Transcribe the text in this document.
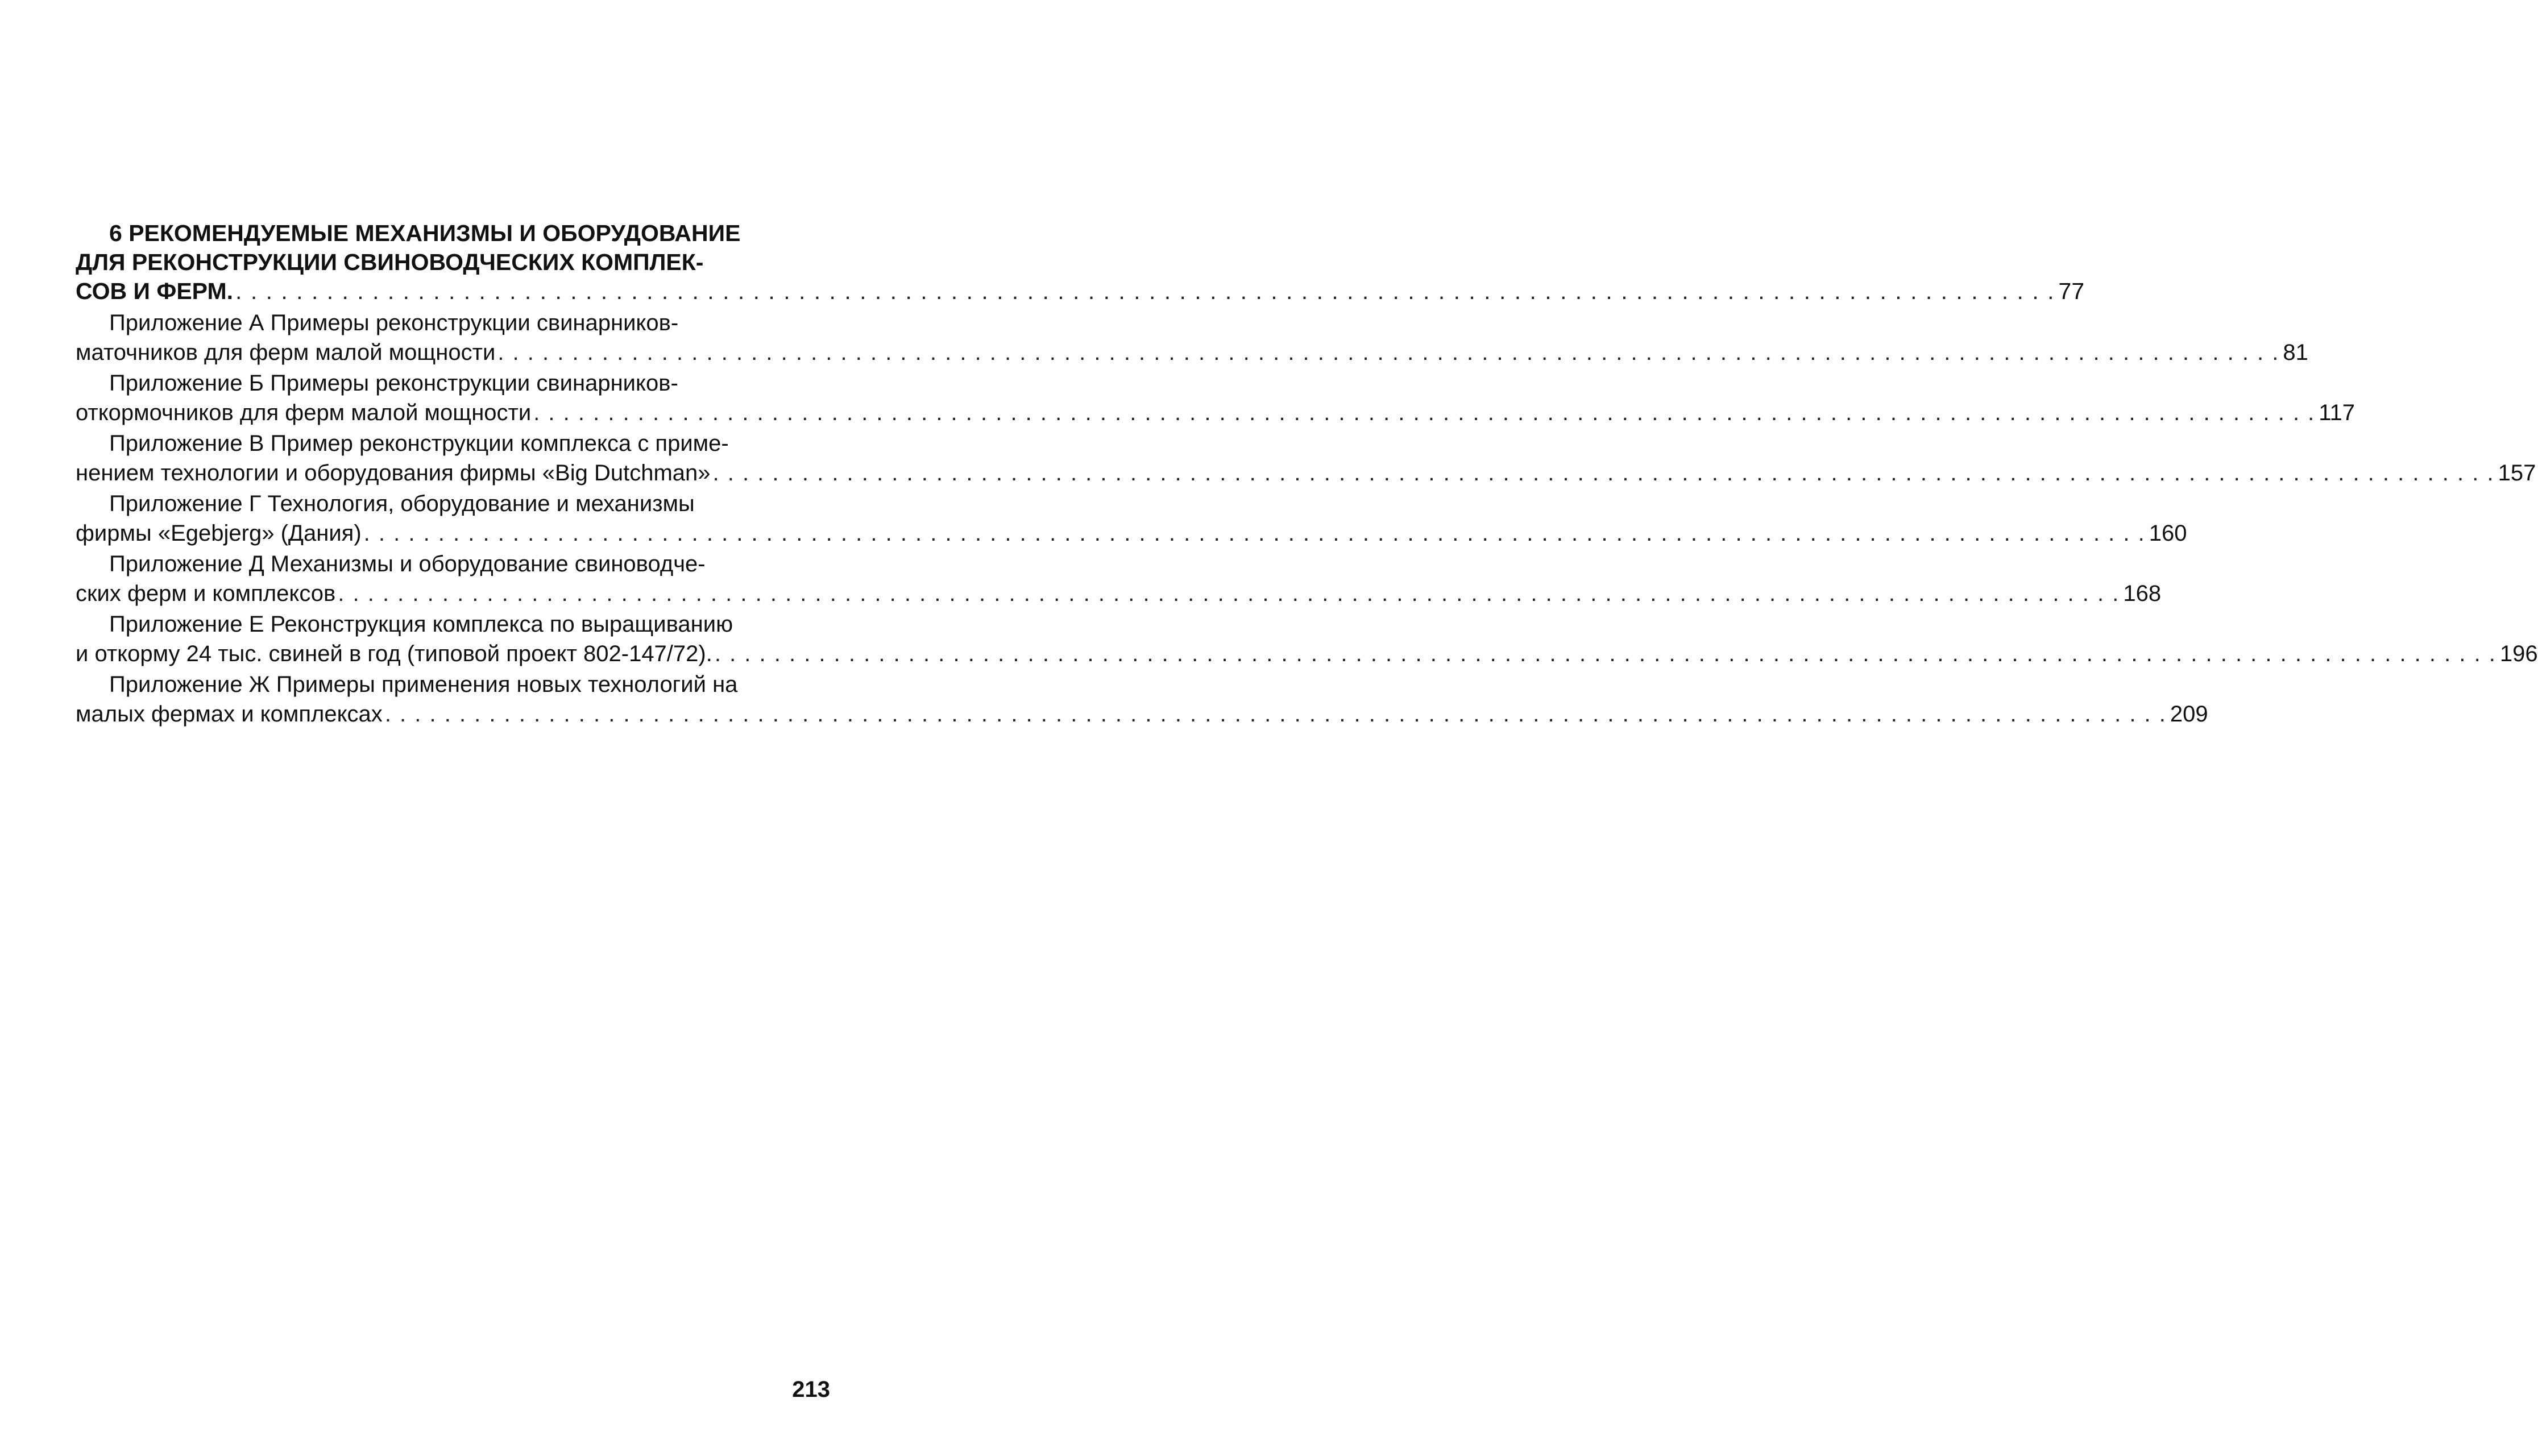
6 РЕКОМЕНДУЕМЫЕ МЕХАНИЗМЫ И ОБОРУДОВАНИЕ
ДЛЯ РЕКОНСТРУКЦИИ СВИНОВОДЧЕСКИХ КОМПЛЕК-
СОВ И ФЕРМ. . . . . . . . . . . . . . . . . . . . . . . . . . . . . . . . . . . . . . . . . . . . . . . . . . . . . . . . . . . . . . . . . . . . . . . . . . . . . . . . . . . . . . . . . . . . . . . . . . . . . . . . . . . . . . . . . . . . . . . . . 77
Приложение А Примеры реконструкции свинарников-
маточников для ферм малой мощности . . . . . . . . . . . . . . . . . . . . . . . . . . . . . . . . . . . . . . . . . . . . . . . . . . . . . . . . . . . . . . . . . . . . . . . . . . . . . . . . . . . . . . . . . . . . . . . . . . . . . . . . . . . . . . . . . . . . . . . . 81
Приложение Б Примеры реконструкции свинарников-
откормочников для ферм малой мощности . . . . . . . . . . . . . . . . . . . . . . . . . . . . . . . . . . . . . . . . . . . . . . . . . . . . . . . . . . . . . . . . . . . . . . . . . . . . . . . . . . . . . . . . . . . . . . . . . . . . . . . . . . . . . . . . . . . . . . . . 117
Приложение В Пример реконструкции комплекса с приме-
нением технологии и оборудования фирмы «Big Dutchman» . . . . . . . . . . . . . . . . . . . . . . . . . . . . . . . . . . . . . . . . . . . . . . . . . . . . . . . . . . . . . . . . . . . . . . . . . . . . . . . . . . . . . . . . . . . . . . . . . . . . . . . . . . . . . . . . . . . . . . . . 157
Приложение Г Технология, оборудование и механизмы
фирмы «Egebjerg» (Дания) . . . . . . . . . . . . . . . . . . . . . . . . . . . . . . . . . . . . . . . . . . . . . . . . . . . . . . . . . . . . . . . . . . . . . . . . . . . . . . . . . . . . . . . . . . . . . . . . . . . . . . . . . . . . . . . . . . . . . . . . 160
Приложение Д Механизмы и оборудование свиноводче-
ских ферм и комплексов . . . . . . . . . . . . . . . . . . . . . . . . . . . . . . . . . . . . . . . . . . . . . . . . . . . . . . . . . . . . . . . . . . . . . . . . . . . . . . . . . . . . . . . . . . . . . . . . . . . . . . . . . . . . . . . . . . . . . . . . 168
Приложение Е Реконструкция комплекса по выращиванию
и откорму 24 тыс. свиней в год (типовой проект 802-147/72). . . . . . . . . . . . . . . . . . . . . . . . . . . . . . . . . . . . . . . . . . . . . . . . . . . . . . . . . . . . . . . . . . . . . . . . . . . . . . . . . . . . . . . . . . . . . . . . . . . . . . . . . . . . . . . . . . . . . . . . . 196
Приложение Ж Примеры применения новых технологий на
малых фермах и комплексах . . . . . . . . . . . . . . . . . . . . . . . . . . . . . . . . . . . . . . . . . . . . . . . . . . . . . . . . . . . . . . . . . . . . . . . . . . . . . . . . . . . . . . . . . . . . . . . . . . . . . . . . . . . . . . . . . . . . . . . . 209
213
